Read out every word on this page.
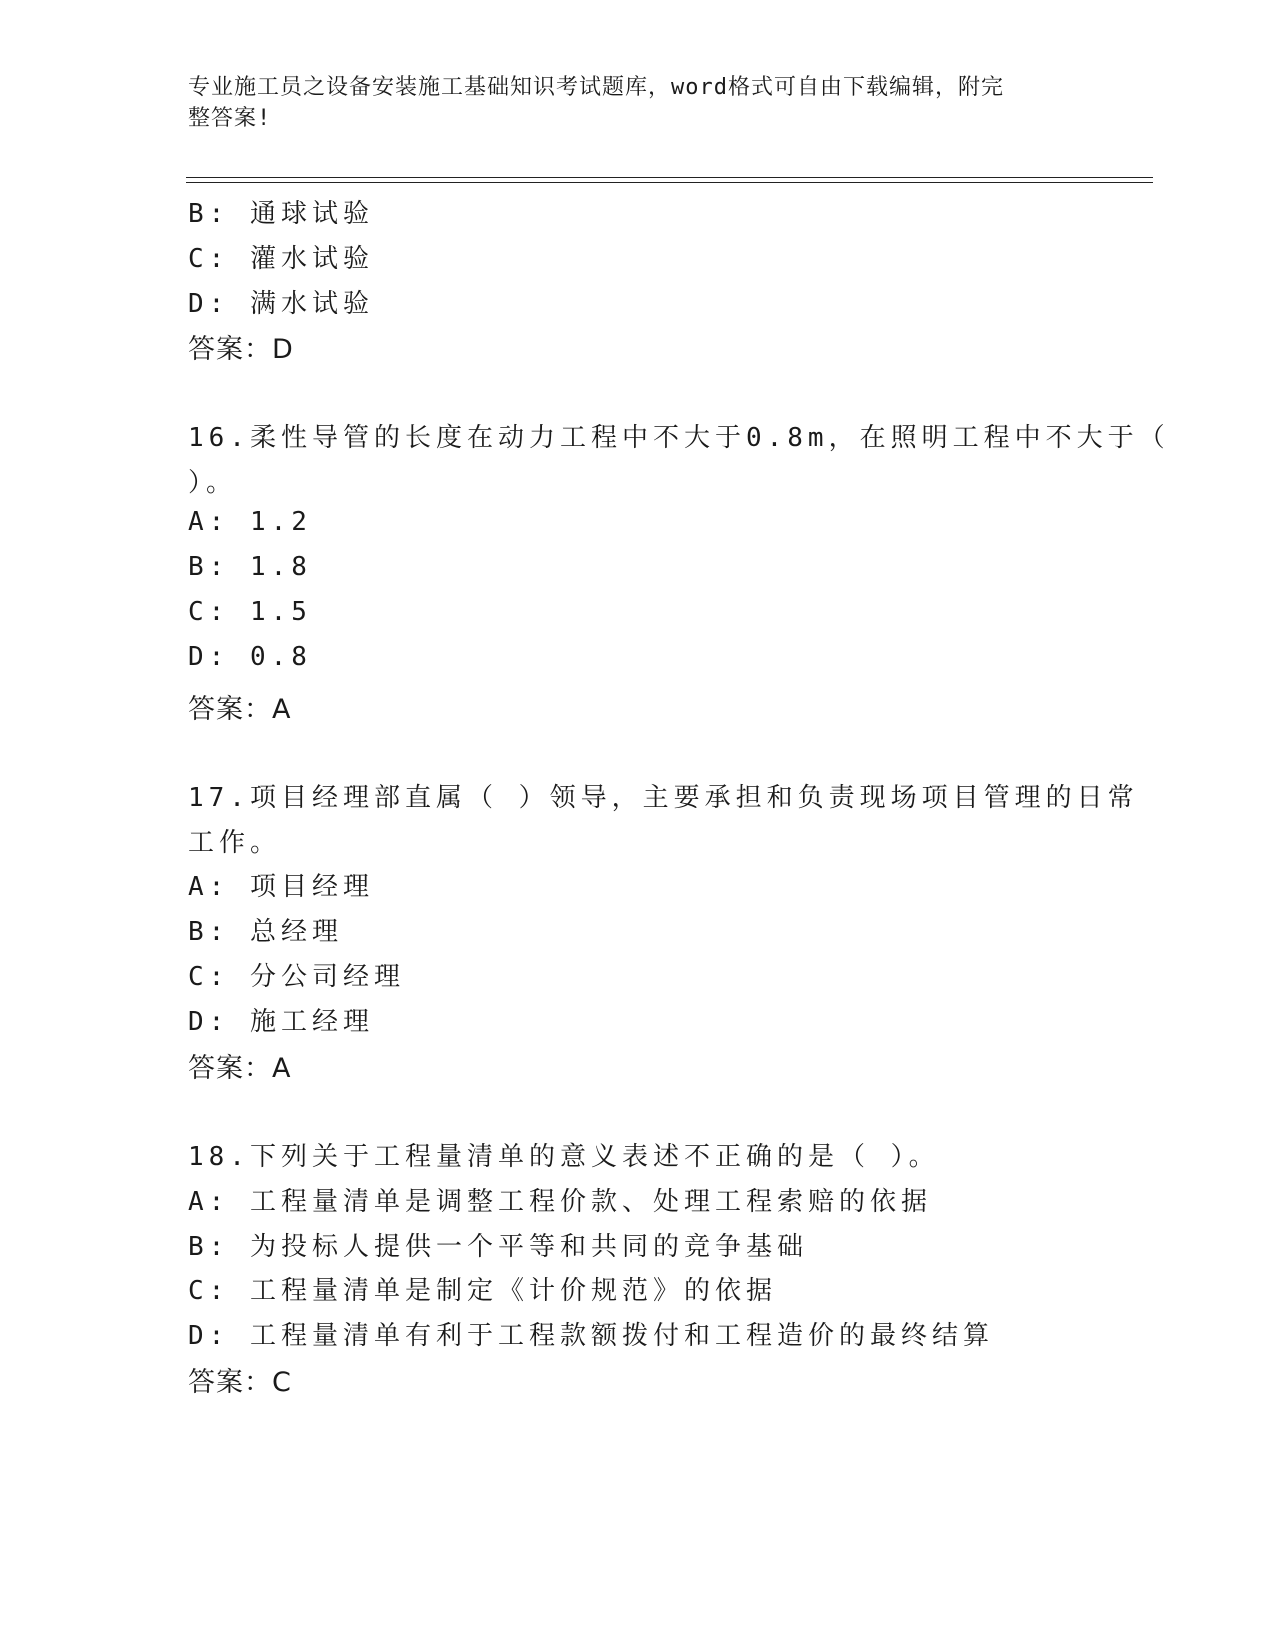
专业施工员之设备安装施工基础知识考试题库，word格式可自由下载编辑，附完
整答案!
B: 通球试验
C: 灌水试验
D: 满水试验
答案：D
16.柔性导管的长度在动力工程中不大于0.8m，在照明工程中不大于（
）。
A: 1.2
B: 1.8
C: 1.5
D: 0.8
答案：A
17.项目经理部直属（ ）领导，主要承担和负责现场项目管理的日常
工作。
A: 项目经理
B: 总经理
C: 分公司经理
D: 施工经理
答案：A
18.下列关于工程量清单的意义表述不正确的是（ ）。
A: 工程量清单是调整工程价款、处理工程索赔的依据
B: 为投标人提供一个平等和共同的竞争基础
C: 工程量清单是制定《计价规范》的依据
D: 工程量清单有利于工程款额拨付和工程造价的最终结算
答案：C
